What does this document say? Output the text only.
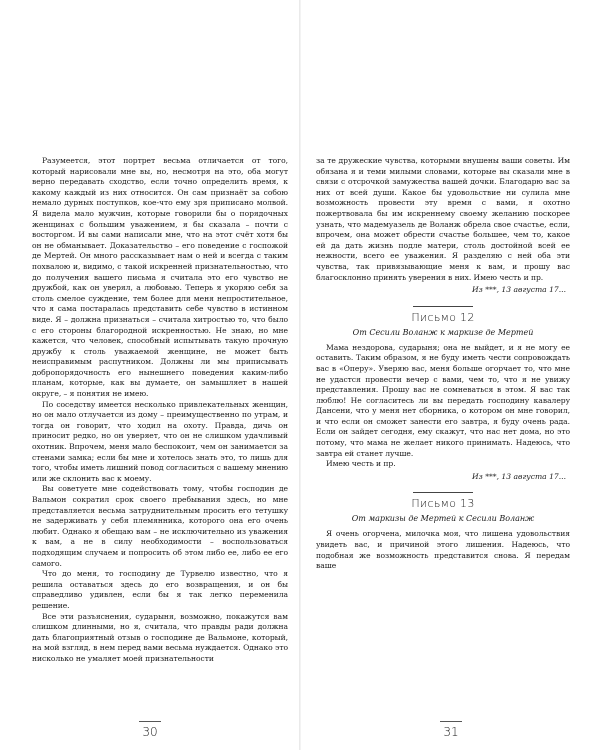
Разумеется, этот портрет весьма отличается от того, который нарисовали мне вы, но, несмотря на это, оба могут верно передавать сходство, если точно определить время, к какому каждый из них относится. Он сам признаёт за собою немало дурных поступков, кое-что ему зря приписано молвой. Я видела мало мужчин, которые говорили бы о порядочных женщинах с большим уважением, я бы сказала – почти с восторгом. И вы сами написали мне, что на этот счёт хотя бы он не обманывает. Доказательство – его поведение с госпожой де Мертей. Он много рассказывает нам о ней и всегда с таким похвалою и, видимо, с такой искренней признательностью, что до получения вашего письма я считала это его чувство не дружбой, как он уверял, а любовью. Теперь я укоряю себя за столь смелое суждение, тем более для меня непростительное, что я сама постаралась представить себе чувство в истинном виде. Я – должна признаться – считала хитростью то, что было с его стороны благородной искренностью. Не знаю, но мне кажется, что человек, способный испытывать такую прочную дружбу к столь уважаемой женщине, не может быть неисправимым распутником. Должны ли мы приписывать добропорядочность его нынешнего поведения каким-либо планам, которые, как вы думаете, он замышляет в нашей округе, – я понятия не имею.

По соседству имеется несколько привлекательных женщин, но он мало отлучается из дому – преимущественно по утрам, и тогда он говорит, что ходил на охоту. Правда, дичь он приносит редко, но он уверяет, что он не слишком удачливый охотник. Впрочем, меня мало беспокоит, чем он занимается за стенами замка; если бы мне и хотелось знать это, то лишь для того, чтобы иметь лишний повод согласиться с вашему мнению или же склонить вас к моему.

Вы советуете мне содействовать тому, чтобы господин де Вальмон сократил срок своего пребывания здесь, но мне представляется весьма затруднительным просить его тетушку не задерживать у себя племянника, которого она его очень любит. Однако я обещаю вам – не исключительно из уважения к вам, а не в силу необходимости – воспользоваться подходящим случаем и попросить об этом либо ее, либо ее его самого.

Что до меня, то господину де Турвелю известно, что я решила оставаться здесь до его возвращения, и он бы справедливо удивлен, если бы я так легко переменила решение.

Все эти разъяснения, сударыня, возможно, покажутся вам слишком длинными, но я, считала, что правды ради должна дать благоприятный отзыв о господине де Вальмоне, который, на мой взгляд, в нем перед вами весьма нуждается. Однако это нисколько не умаляет моей признательности

30

за те дружеские чувства, которыми внушены ваши советы. Им обязана я и теми милыми словами, которые вы сказали мне в связи с отсрочкой замужества вашей дочки. Благодарю вас за них от всей души. Какое бы удовольствие ни сулила мне возможность провести эту время с вами, я охотно пожертвовала бы им искреннему своему желанию поскорее узнать, что мадемуазель де Воланж обрела свое счастье, если, впрочем, она может обрести счастье большее, чем то, какое ей да дать жизнь подле матери, столь достойной всей ее нежности, всего ее уважения. Я разделяю с ней оба эти чувства, так привязывающие меня к вам, и прошу вас благосклонно принять уверения в них. Имею честь и пр.

Из ***, 13 августа 17...

Письмо 12

От Сесили Воланж к маркизе де Мертей

Мама нездорова, сударыня; она не выйдет, и я не могу ее оставить. Таким образом, я не буду иметь чести сопровождать вас в «Оперу». Уверяю вас, меня больше огорчает то, что мне не удастся провести вечер с вами, чем то, что я не увижу представления. Прошу вас не сомневаться в этом. Я вас так люблю! Не согласитесь ли вы передать господину кавалеру Дансени, что у меня нет сборника, о котором он мне говорил, и что если он сможет занести его завтра, я буду очень рада. Если он зайдет сегодня, ему скажут, что нас нет дома, но это потому, что мама не желает никого принимать. Надеюсь, что завтра ей станет лучше.

Имею честь и пр.

Из ***, 13 августа 17...

Письмо 13

От маркизы де Мертей к Сесили Воланж

Я очень огорчена, милочка моя, что лишена удовольствия увидеть вас, и причиной этого лишения. Надеюсь, что подобная же возможность представится снова. Я передам ваше

31
